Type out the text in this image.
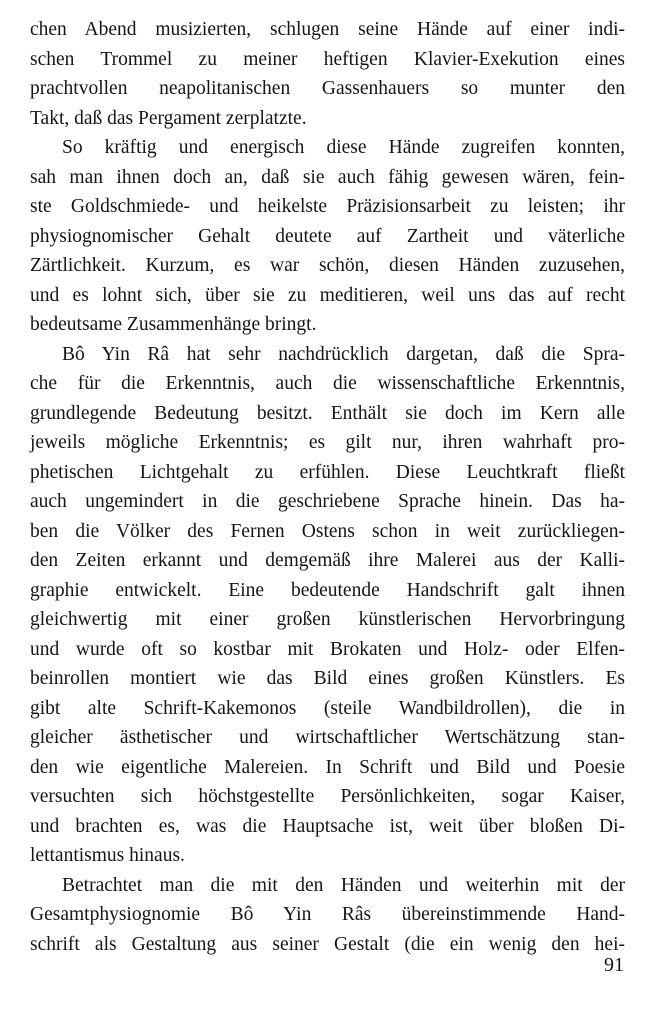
chen Abend musizierten, schlugen seine Hände auf einer indi-
schen Trommel zu meiner heftigen Klavier-Exekution eines
prachtvollen neapolitanischen Gassenhauers so munter den
Takt, daß das Pergament zerplatzte.
So kräftig und energisch diese Hände zugreifen konnten,
sah man ihnen doch an, daß sie auch fähig gewesen wären, fein-
ste Goldschmiede- und heikelste Präzisionsarbeit zu leisten; ihr
physiognomischer Gehalt deutete auf Zartheit und väterliche
Zärtlichkeit. Kurzum, es war schön, diesen Händen zuzusehen,
und es lohnt sich, über sie zu meditieren, weil uns das auf recht
bedeutsame Zusammenhänge bringt.
Bô Yin Râ hat sehr nachdrücklich dargetan, daß die Spra-
che für die Erkenntnis, auch die wissenschaftliche Erkenntnis,
grundlegende Bedeutung besitzt. Enthält sie doch im Kern alle
jeweils mögliche Erkenntnis; es gilt nur, ihren wahrhaft pro-
phetischen Lichtgehalt zu erfühlen. Diese Leuchtkraft fließt
auch ungemindert in die geschriebene Sprache hinein. Das ha-
ben die Völker des Fernen Ostens schon in weit zurückliegen-
den Zeiten erkannt und demgemäß ihre Malerei aus der Kalli-
graphie entwickelt. Eine bedeutende Handschrift galt ihnen
gleichwertig mit einer großen künstlerischen Hervorbringung
und wurde oft so kostbar mit Brokaten und Holz- oder Elfen-
beinrollen montiert wie das Bild eines großen Künstlers. Es
gibt alte Schrift-Kakemonos (steile Wandbildrollen), die in
gleicher ästhetischer und wirtschaftlicher Wertschätzung stan-
den wie eigentliche Malereien. In Schrift und Bild und Poesie
versuchten sich höchstgestellte Persönlichkeiten, sogar Kaiser,
und brachten es, was die Hauptsache ist, weit über bloßen Di-
lettantismus hinaus.
Betrachtet man die mit den Händen und weiterhin mit der
Gesamtphysiognomie Bô Yin Râs übereinstimmende Hand-
schrift als Gestaltung aus seiner Gestalt (die ein wenig den hei-
91
